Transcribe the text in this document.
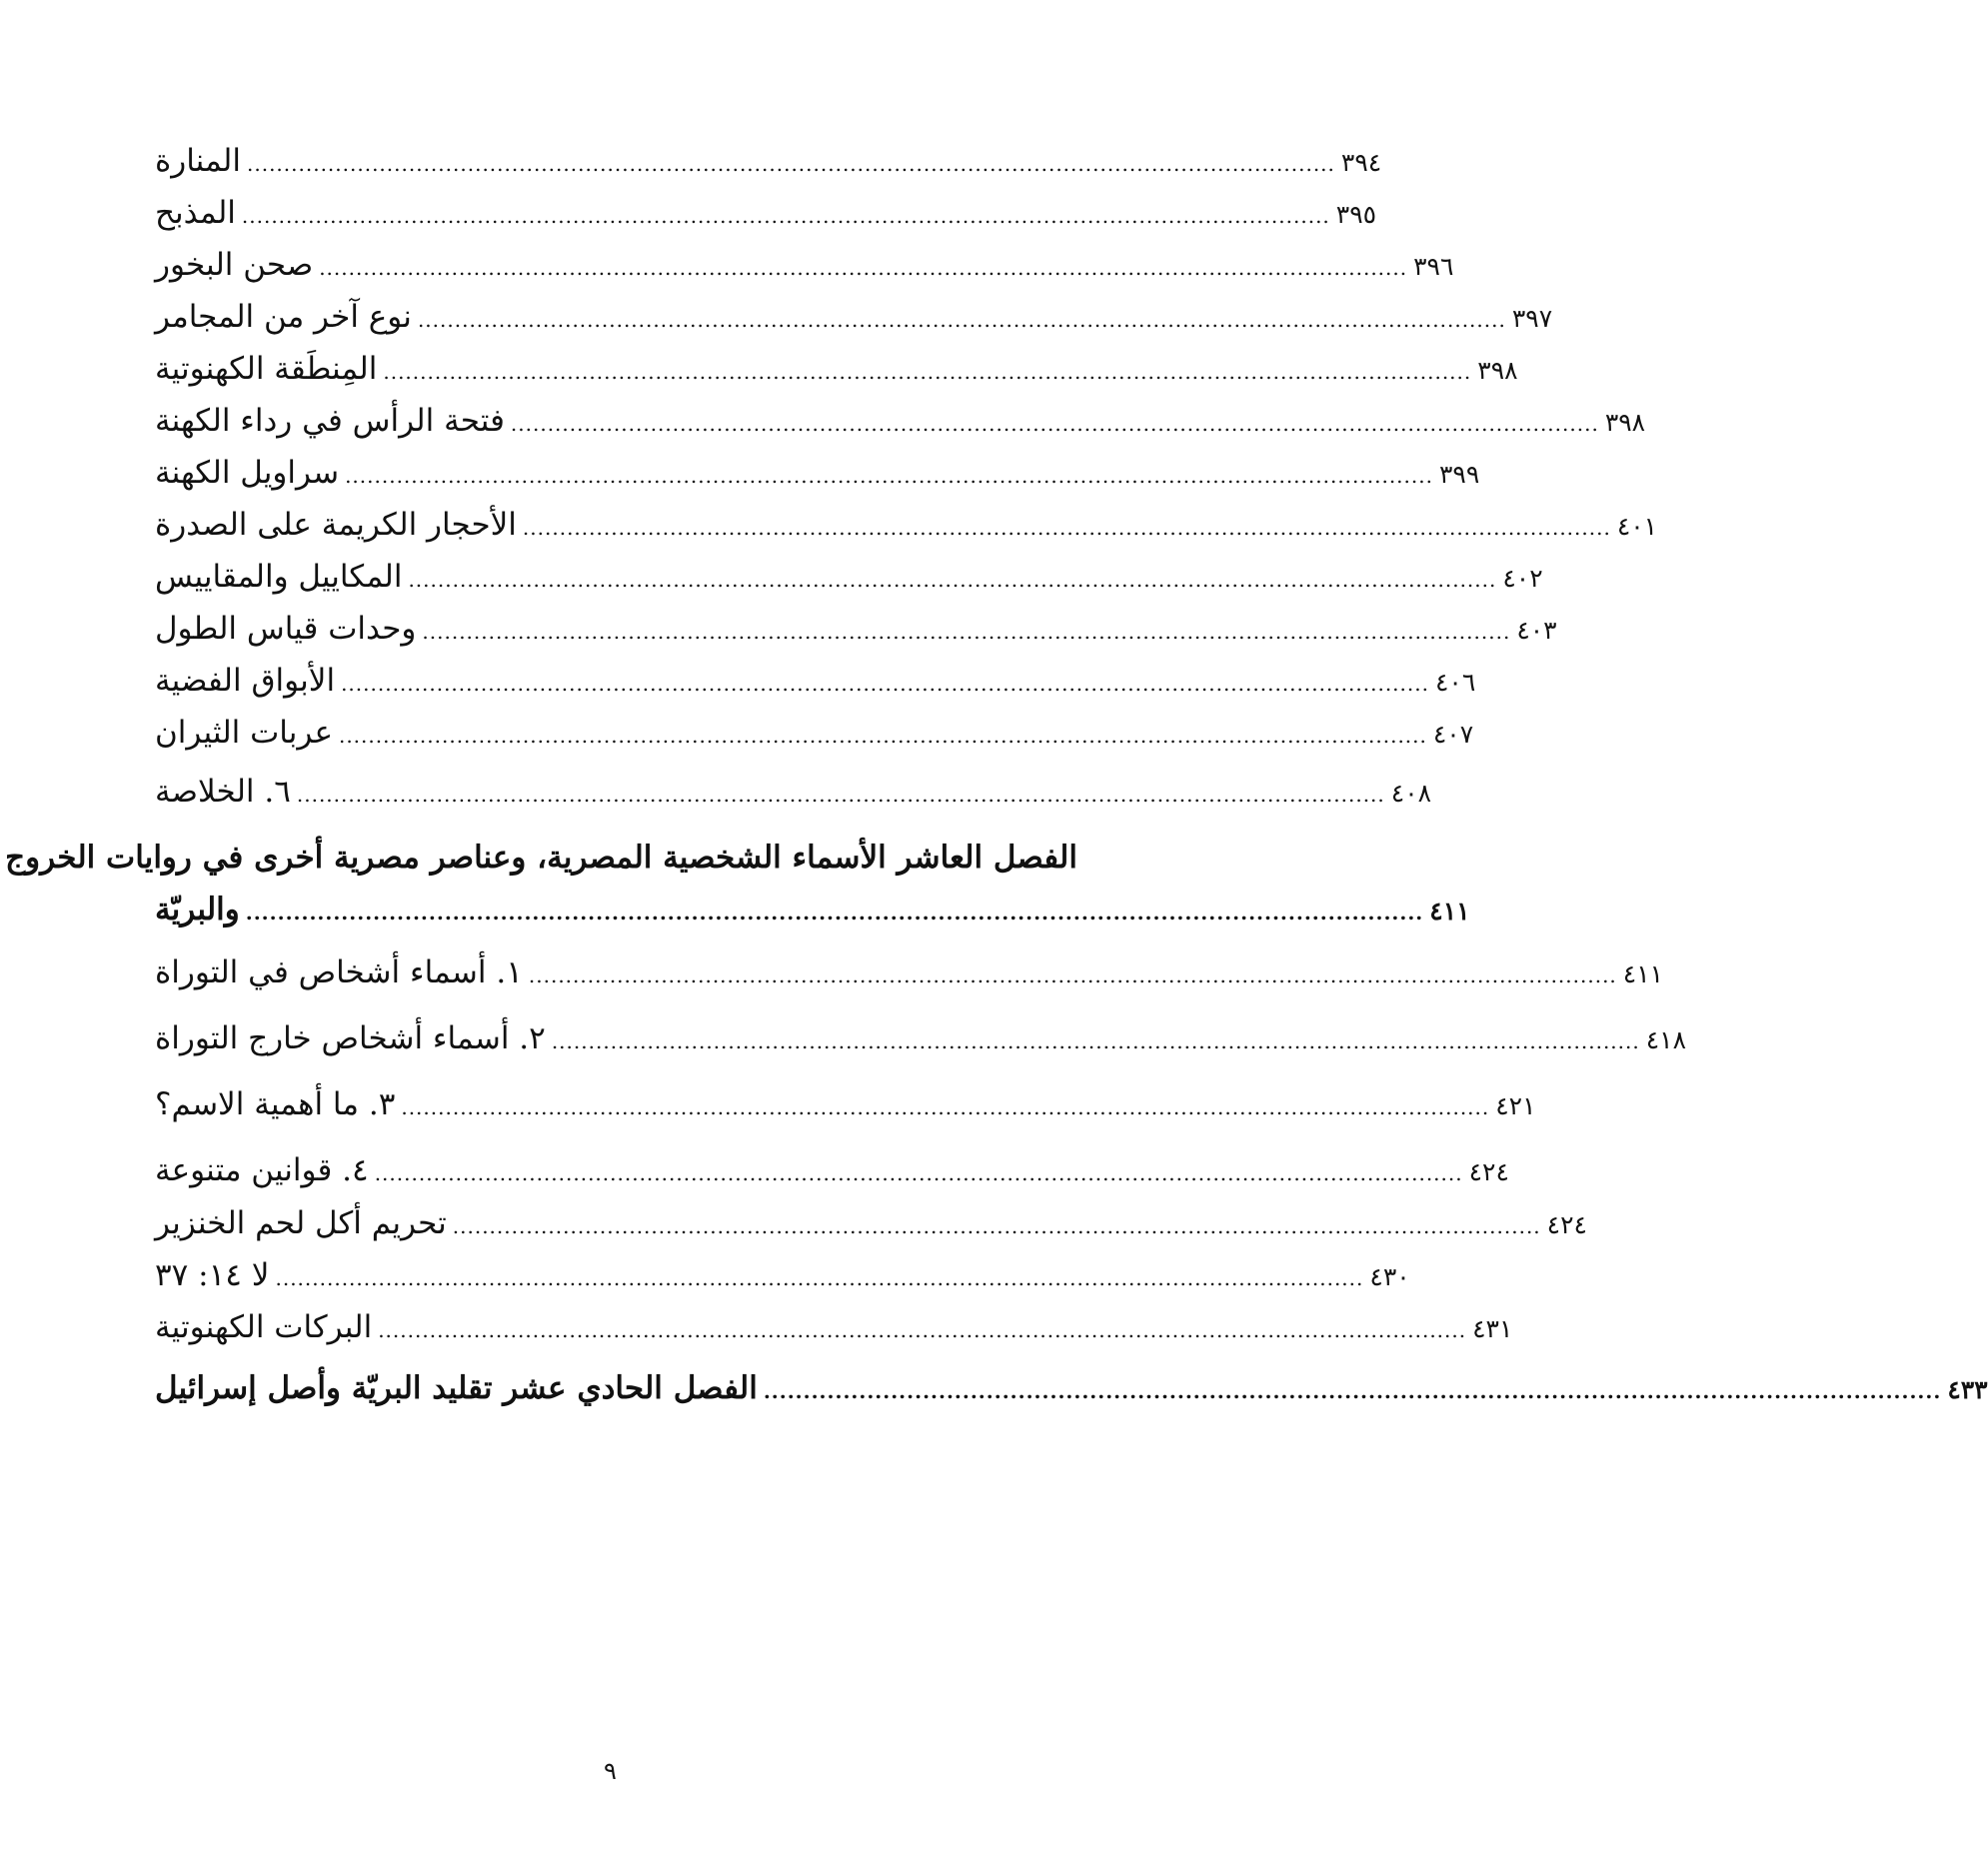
المنارة .................................................................................................................................................... ٣٩٤
المذبح .................................................................................................................................................... ٣٩٥
صحن البخور .................................................................................................................................................... ٣٩٦
نوع آخر من المجامر .................................................................................................................................................... ٣٩٧
المِنطَقة الكهنوتية .................................................................................................................................................... ٣٩٨
فتحة الرأس في رداء الكهنة .................................................................................................................................................... ٣٩٨
سراويل الكهنة .................................................................................................................................................... ٣٩٩
الأحجار الكريمة على الصدرة .................................................................................................................................................... ٤٠١
المكاييل والمقاييس .................................................................................................................................................... ٤٠٢
وحدات قياس الطول .................................................................................................................................................... ٤٠٣
الأبواق الفضية .................................................................................................................................................... ٤٠٦
عربات الثيران .................................................................................................................................................... ٤٠٧
٦. الخلاصة .................................................................................................................................................... ٤٠٨
الفصل العاشر الأسماء الشخصية المصرية، وعناصر مصرية أخرى في روايات الخروج
والبريّة .................................................................................................................................................... ٤١١
١. أسماء أشخاص في التوراة .................................................................................................................................................... ٤١١
٢. أسماء أشخاص خارج التوراة .................................................................................................................................................... ٤١٨
٣. ما أهمية الاسم؟ .................................................................................................................................................... ٤٢١
٤. قوانين متنوعة .................................................................................................................................................... ٤٢٤
تحريم أكل لحم الخنزير .................................................................................................................................................... ٤٢٤
لا ١٤: ٣٧ .................................................................................................................................................... ٤٣٠
البركات الكهنوتية .................................................................................................................................................... ٤٣١
الفصل الحادي عشر تقليد البريّة وأصل إسرائيل .................................................................................................................................................... ٤٣٣
٩
